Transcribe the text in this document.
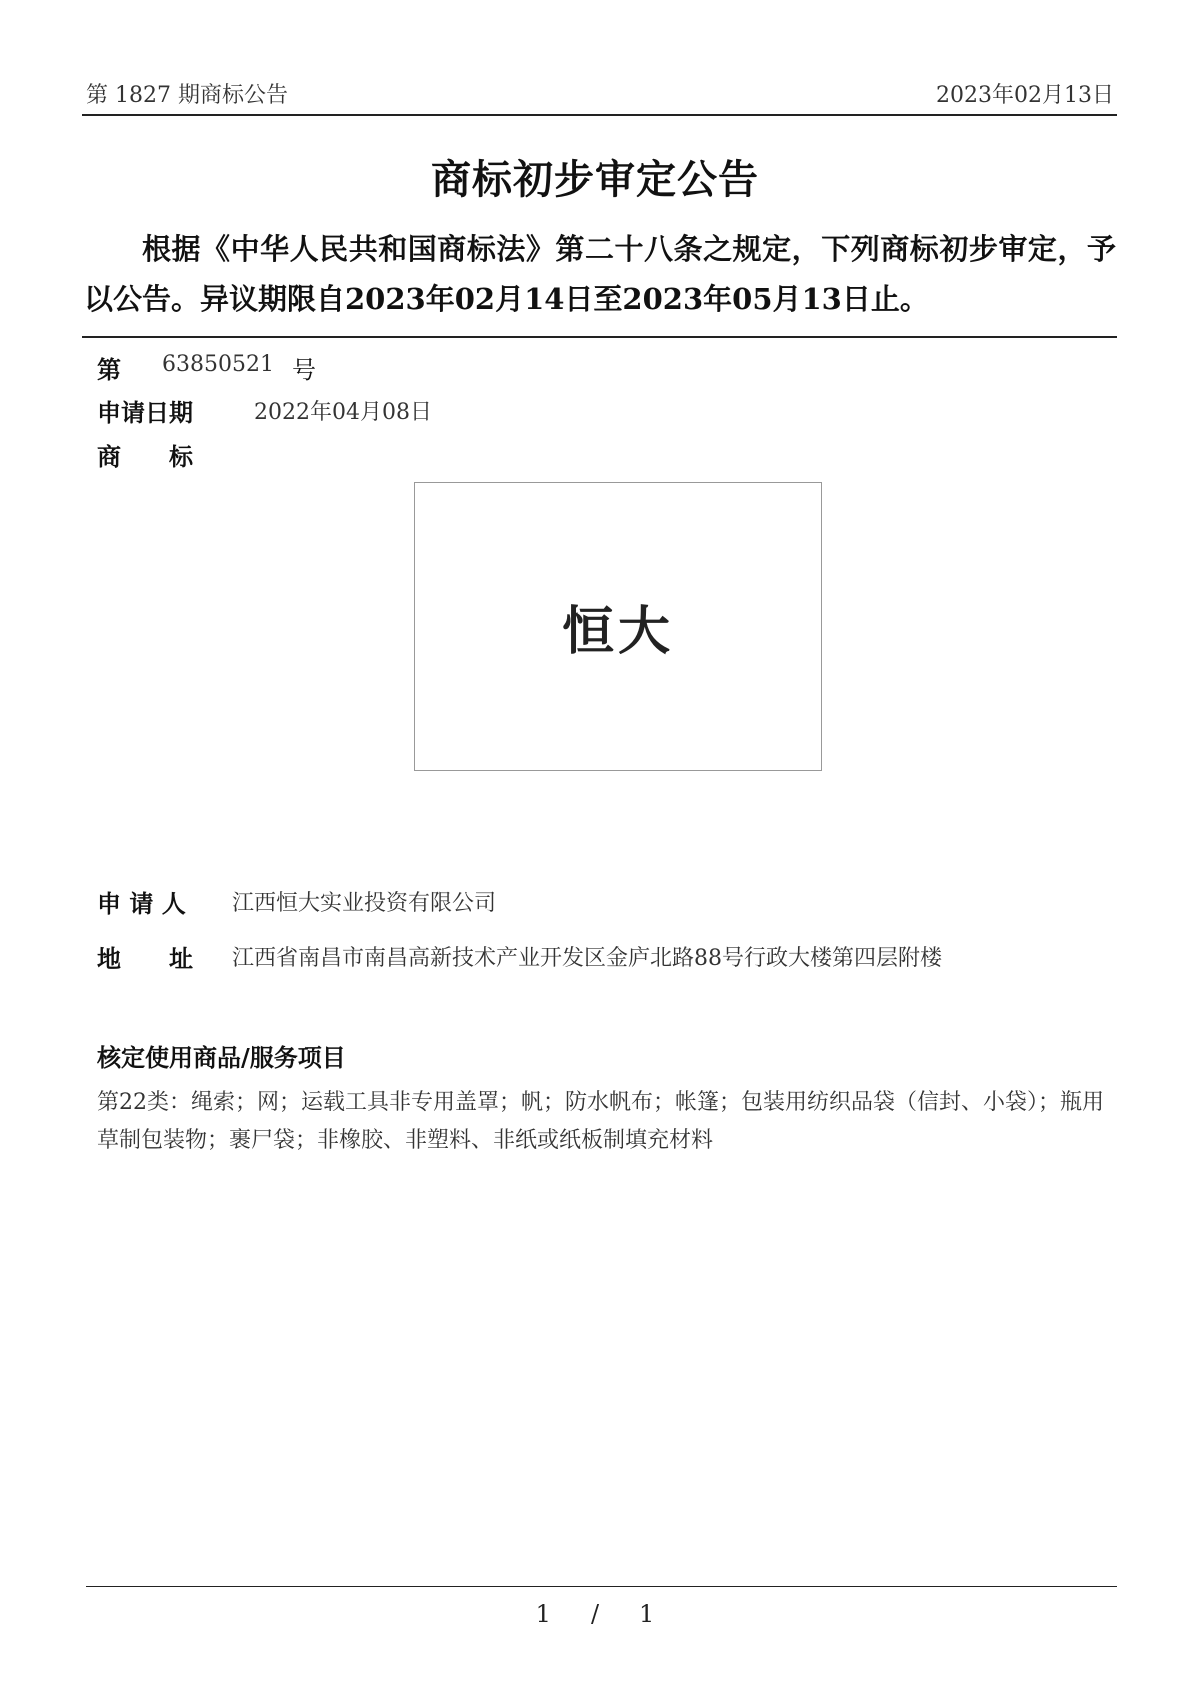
第 1827 期商标公告	2023年02月13日
商标初步审定公告
根据《中华人民共和国商标法》第二十八条之规定，下列商标初步审定，予以公告。异议期限自2023年02月14日至2023年05月13日止。
第 63850521 号
申请日期	2022年04月08日
商　　标
恒大
申 请 人 江西恒大实业投资有限公司
地　　址 江西省南昌市南昌高新技术产业开发区金庐北路88号行政大楼第四层附楼
核定使用商品/服务项目
第22类：绳索；网；运载工具非专用盖罩；帆；防水帆布；帐篷；包装用纺织品袋（信封、小袋）；瓶用草制包装物；裹尸袋；非橡胶、非塑料、非纸或纸板制填充材料
1 / 1
